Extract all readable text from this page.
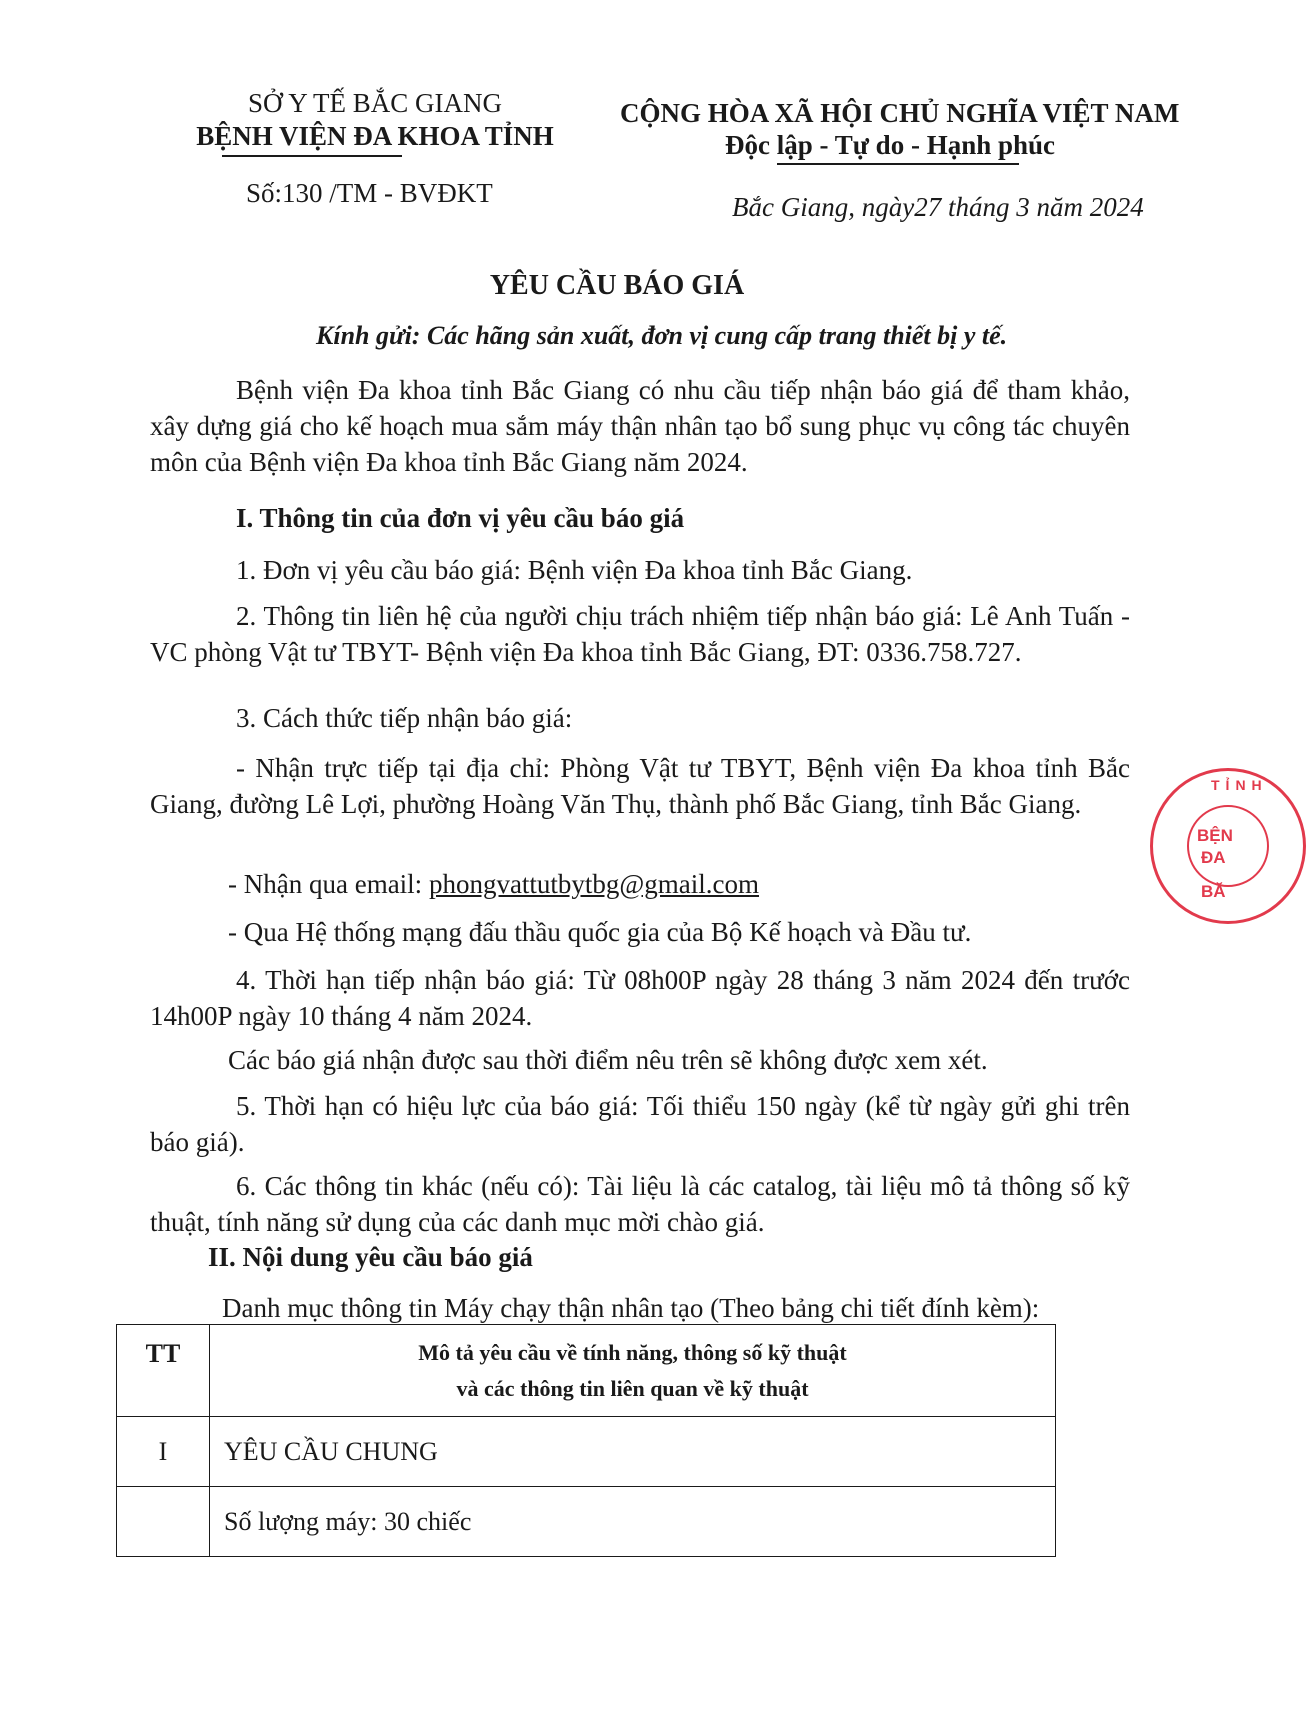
SỞ Y TẾ BẮC GIANG
BỆNH VIỆN ĐA KHOA TỈNH
Số:130 /TM - BVĐKT
CỘNG HÒA XÃ HỘI CHỦ NGHĨA VIỆT NAM
Độc lập - Tự do - Hạnh phúc
Bắc Giang, ngày27 tháng 3 năm 2024
YÊU CẦU BÁO GIÁ
Kính gửi: Các hãng sản xuất, đơn vị cung cấp trang thiết bị y tế.
Bệnh viện Đa khoa tỉnh Bắc Giang có nhu cầu tiếp nhận báo giá để tham khảo, xây dựng giá cho kế hoạch mua sắm máy thận nhân tạo bổ sung phục vụ công tác chuyên môn của Bệnh viện Đa khoa tỉnh Bắc Giang năm 2024.
I. Thông tin của đơn vị yêu cầu báo giá
1. Đơn vị yêu cầu báo giá: Bệnh viện Đa khoa tỉnh Bắc Giang.
2. Thông tin liên hệ của người chịu trách nhiệm tiếp nhận báo giá: Lê Anh Tuấn - VC phòng Vật tư TBYT- Bệnh viện Đa khoa tỉnh Bắc Giang, ĐT: 0336.758.727.
3. Cách thức tiếp nhận báo giá:
- Nhận trực tiếp tại địa chỉ: Phòng Vật tư TBYT, Bệnh viện Đa khoa tỉnh Bắc Giang, đường Lê Lợi, phường Hoàng Văn Thụ, thành phố Bắc Giang, tỉnh Bắc Giang.
- Nhận qua email: phongvattutbytbg@gmail.com
- Qua Hệ thống mạng đấu thầu quốc gia của Bộ Kế hoạch và Đầu tư.
4. Thời hạn tiếp nhận báo giá: Từ 08h00P ngày 28 tháng 3 năm 2024 đến trước 14h00P ngày 10 tháng 4 năm 2024.
Các báo giá nhận được sau thời điểm nêu trên sẽ không được xem xét.
5. Thời hạn có hiệu lực của báo giá: Tối thiểu 150 ngày (kể từ ngày gửi ghi trên báo giá).
6. Các thông tin khác (nếu có): Tài liệu là các catalog, tài liệu mô tả thông số kỹ thuật, tính năng sử dụng của các danh mục mời chào giá.
II. Nội dung yêu cầu báo giá
Danh mục thông tin Máy chạy thận nhân tạo (Theo bảng chi tiết đính kèm):
TT	Mô tả yêu cầu về tính năng, thông số kỹ thuật
và các thông tin liên quan về kỹ thuật

I	YÊU CẦU CHUNG
	Số lượng máy: 30 chiếc
TỈNH
BỆN
ĐA
BĂ
